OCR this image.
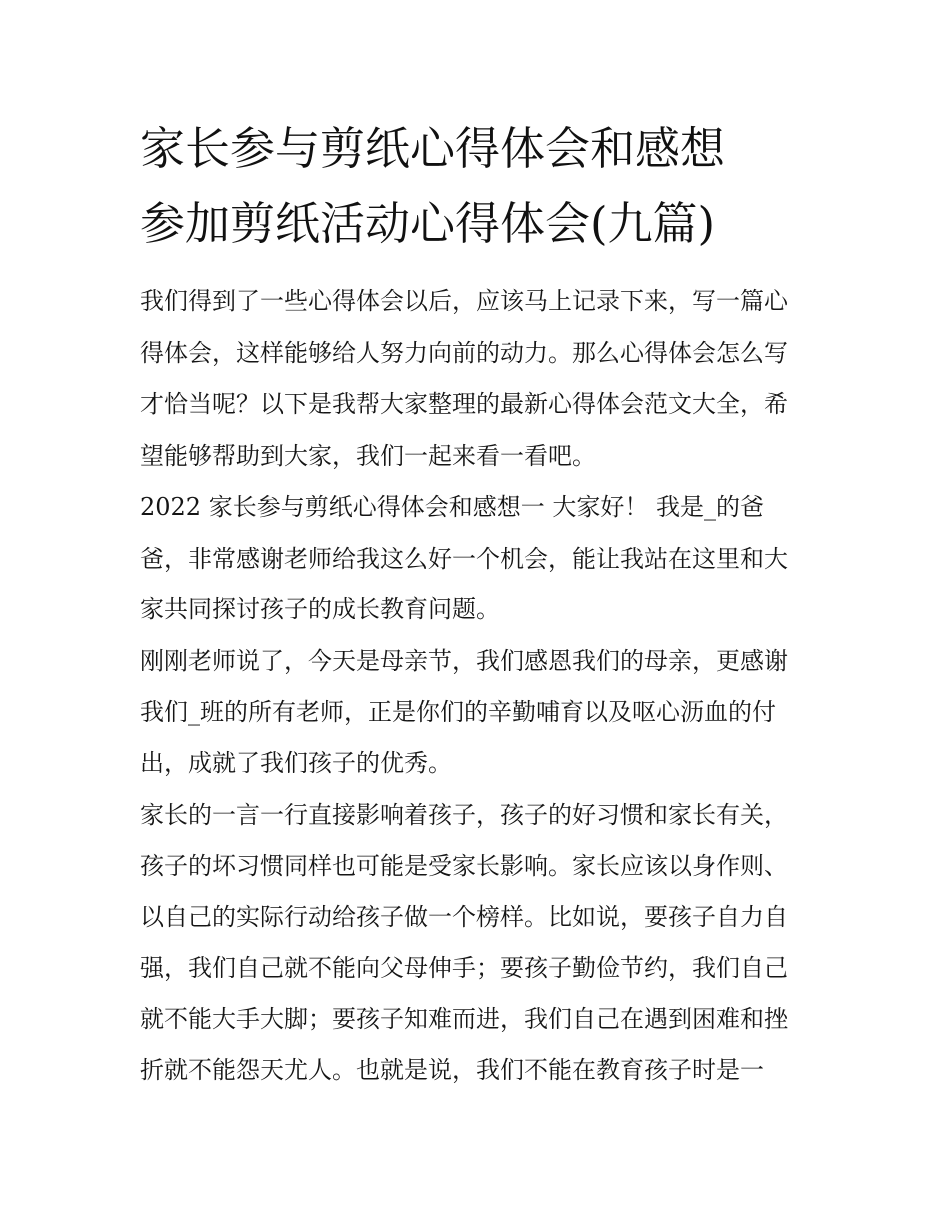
家长参与剪纸心得体会和感想
参加剪纸活动心得体会(九篇)

我们得到了一些心得体会以后，应该马上记录下来，写一篇心

得体会，这样能够给人努力向前的动力。那么心得体会怎么写

才恰当呢？以下是我帮大家整理的最新心得体会范文大全，希

望能够帮助到大家，我们一起来看一看吧。

2022 家长参与剪纸心得体会和感想一 大家好！ 我是_的爸

爸，非常感谢老师给我这么好一个机会，能让我站在这里和大

家共同探讨孩子的成长教育问题。

刚刚老师说了，今天是母亲节，我们感恩我们的母亲，更感谢

我们_班的所有老师，正是你们的辛勤哺育以及呕心沥血的付

出，成就了我们孩子的优秀。

家长的一言一行直接影响着孩子，孩子的好习惯和家长有关，

孩子的坏习惯同样也可能是受家长影响。家长应该以身作则、

以自己的实际行动给孩子做一个榜样。比如说，要孩子自力自

强，我们自己就不能向父母伸手；要孩子勤俭节约，我们自己

就不能大手大脚；要孩子知难而进，我们自己在遇到困难和挫

折就不能怨天尤人。也就是说，我们不能在教育孩子时是一
